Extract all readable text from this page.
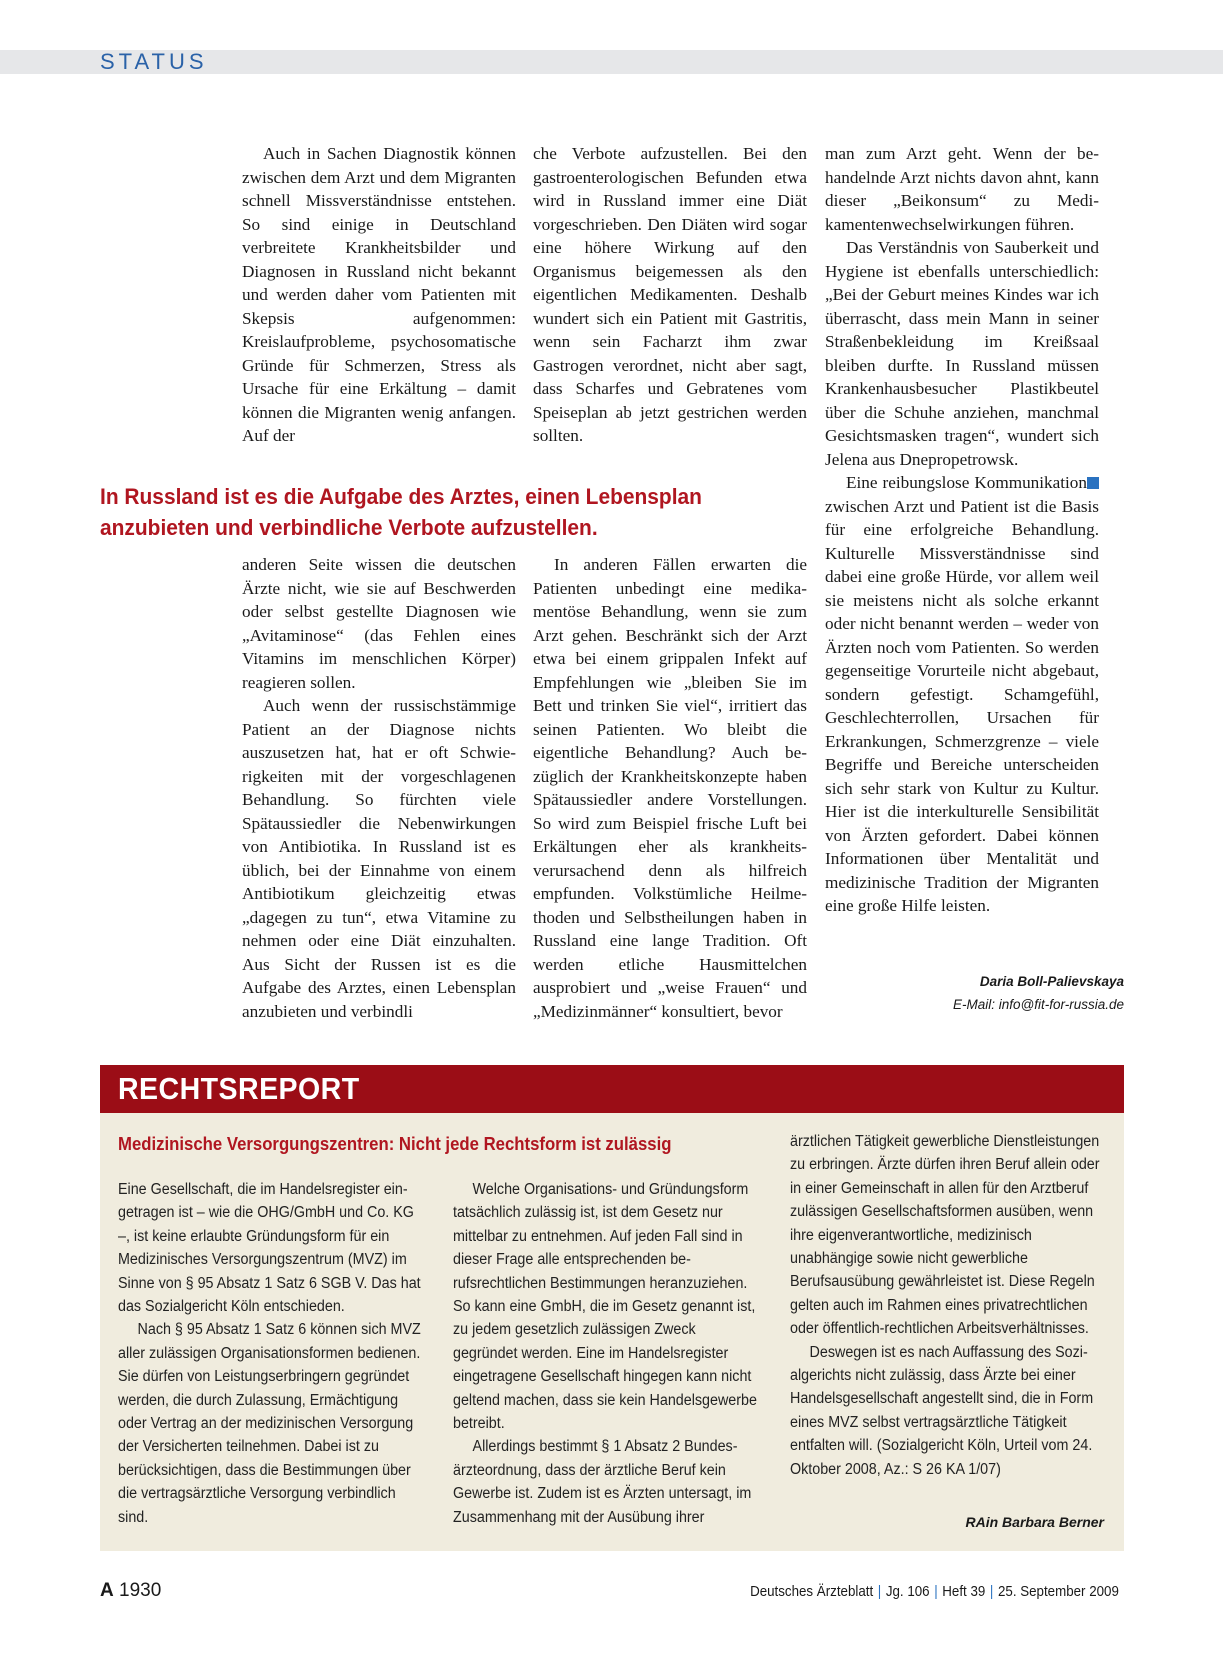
STATUS

Auch in Sachen Diagnostik können zwischen dem Arzt und dem Migranten schnell Missverständnisse entstehen. So sind einige in Deutschland verbreitete Krankheitsbilder und Diagnosen in Russland nicht bekannt und werden daher vom Patienten mit Skepsis aufgenommen: Kreislaufprobleme, psychosomatische Gründe für Schmerzen, Stress als Ursache für eine Erkältung – damit können die Migranten wenig anfangen. Auf der

anderen Seite wissen die deutschen Ärzte nicht, wie sie auf Beschwerden oder selbst gestellte Diagnosen wie „Avitaminose“ (das Fehlen eines Vitamins im menschlichen Körper) reagieren sollen.

Auch wenn der russischstämmige Patient an der Diagnose nichts auszusetzen hat, hat er oft Schwierigkeiten mit der vorgeschlagenen Behandlung. So fürchten viele Spätaussiedler die Nebenwirkungen von Antibiotika. In Russland ist es üblich, bei der Einnahme von einem Antibiotikum gleichzeitig etwas „dagegen zu tun“, etwa Vitamine zu nehmen oder eine Diät einzuhalten. Aus Sicht der Russen ist es die Aufgabe des Arztes, einen Lebensplan anzubieten und verbindli

che Verbote aufzustellen. Bei den gastroenterologischen Befunden etwa wird in Russland immer eine Diät vorgeschrieben. Den Diäten wird sogar eine höhere Wirkung auf den Organismus beigemessen als den eigentlichen Medikamenten. Deshalb wundert sich ein Patient mit Gastritis, wenn sein Facharzt ihm zwar Gastrogen verordnet, nicht aber sagt, dass Scharfes und Gebratenes vom Speiseplan ab jetzt gestrichen werden sollten.

In anderen Fällen erwarten die Patienten unbedingt eine medikamentöse Behandlung, wenn sie zum Arzt gehen. Beschränkt sich der Arzt etwa bei einem grippalen Infekt auf Empfehlungen wie „bleiben Sie im Bett und trinken Sie viel“, irritiert das seinen Patienten. Wo bleibt die eigentliche Behandlung? Auch bezüglich der Krankheitskonzepte haben Spätaussiedler andere Vorstellungen. So wird zum Beispiel frische Luft bei Erkältungen eher als krankheitsverursachend denn als hilfreich empfunden. Volkstümliche Heilmethoden und Selbstheilungen haben in Russland eine lange Tradition. Oft werden etliche Hausmittelchen ausprobiert und „weise Frauen“ und „Medizinmänner“ konsultiert, bevor

man zum Arzt geht. Wenn der behandelnde Arzt nichts davon ahnt, kann dieser „Beikonsum“ zu Medikamentenwechselwirkungen führen.

Das Verständnis von Sauberkeit und Hygiene ist ebenfalls unterschiedlich: „Bei der Geburt meines Kindes war ich überrascht, dass mein Mann in seiner Straßenbekleidung im Kreißsaal bleiben durfte. In Russland müssen Krankenhausbesucher Plastikbeutel über die Schuhe anziehen, manchmal Gesichtsmasken tragen“, wundert sich Jelena aus Dnepropetrowsk.

Eine reibungslose Kommunikation zwischen Arzt und Patient ist die Basis für eine erfolgreiche Behandlung. Kulturelle Missverständnisse sind dabei eine große Hürde, vor allem weil sie meistens nicht als solche erkannt oder nicht benannt werden – weder von Ärzten noch vom Patienten. So werden gegenseitige Vorurteile nicht abgebaut, sondern gefestigt. Schamgefühl, Geschlechterrollen, Ursachen für Erkrankungen, Schmerzgrenze – viele Begriffe und Bereiche unterscheiden sich sehr stark von Kultur zu Kultur. Hier ist die interkulturelle Sensibilität von Ärzten gefordert. Dabei können Informationen über Mentalität und medizinische Tradition der Migranten eine große Hilfe leisten.

In Russland ist es die Aufgabe des Arztes, einen Lebensplan anzubieten und verbindliche Verbote aufzustellen.
Daria Boll-Palievskaya
E-Mail: info@fit-for-russia.de
RECHTSREPORT
Medizinische Versorgungszentren: Nicht jede Rechtsform ist zulässig

Eine Gesellschaft, die im Handelsregister eingetragen ist – wie die OHG/GmbH und Co. KG –, ist keine erlaubte Gründungsform für ein Medizinisches Versorgungszentrum (MVZ) im Sinne von § 95 Absatz 1 Satz 6 SGB V. Das hat das Sozialgericht Köln entschieden.

Nach § 95 Absatz 1 Satz 6 können sich MVZ aller zulässigen Organisationsformen bedienen. Sie dürfen von Leistungserbringern gegründet werden, die durch Zulassung, Ermächtigung oder Vertrag an der medizinischen Versorgung der Versicherten teilnehmen. Dabei ist zu berücksichtigen, dass die Bestimmungen über die vertragsärztliche Versorgung verbindlich sind.

Welche Organisations- und Gründungsform tatsächlich zulässig ist, ist dem Gesetz nur mittelbar zu entnehmen. Auf jeden Fall sind in dieser Frage alle entsprechenden berufsrechtlichen Bestimmungen heranzuziehen. So kann eine GmbH, die im Gesetz genannt ist, zu jedem gesetzlich zulässigen Zweck gegründet werden. Eine im Handelsregister eingetragene Gesellschaft hingegen kann nicht geltend machen, dass sie kein Handelsgewerbe betreibt.

Allerdings bestimmt § 1 Absatz 2 Bundesärzteordnung, dass der ärztliche Beruf kein Gewerbe ist. Zudem ist es Ärzten untersagt, im Zusammenhang mit der Ausübung ihrer

ärztlichen Tätigkeit gewerbliche Dienstleistungen zu erbringen. Ärzte dürfen ihren Beruf allein oder in einer Gemeinschaft in allen für den Arztberuf zulässigen Gesellschaftsformen ausüben, wenn ihre eigenverantwortliche, medizinisch unabhängige sowie nicht gewerbliche Berufsausübung gewährleistet ist. Diese Regeln gelten auch im Rahmen eines privatrechtlichen oder öffentlich-rechtlichen Arbeitsverhältnisses.

Deswegen ist es nach Auffassung des Sozialgerichts nicht zulässig, dass Ärzte bei einer Handelsgesellschaft angestellt sind, die in Form eines MVZ selbst vertragsärztliche Tätigkeit entfalten will. (Sozialgericht Köln, Urteil vom 24. Oktober 2008, Az.: S 26 KA 1/07)

RAin Barbara Berner
A 1930	Deutsches Ärzteblatt | Jg. 106 | Heft 39 | 25. September 2009
